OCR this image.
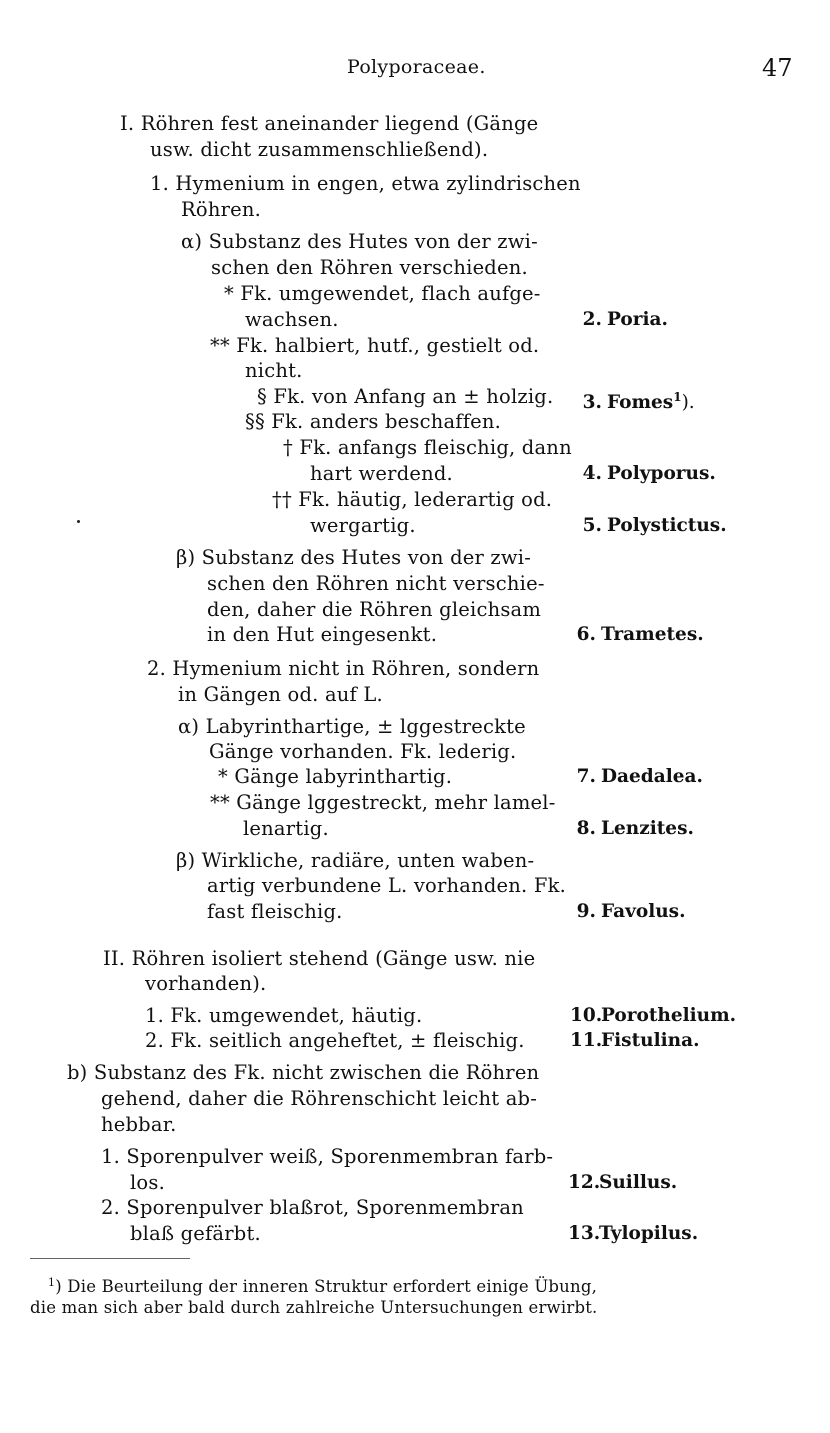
Polyporaceae.	47
I. Röhren fest aneinander liegend (Gänge
usw. dicht zusammenschließend).
1. Hymenium in engen, etwa zylindrischen
Röhren.
α) Substanz des Hutes von der zwi-
schen den Röhren verschieden.
* Fk. umgewendet, flach aufge-
wachsen.
** Fk. halbiert, hutf., gestielt od.
nicht.
§ Fk. von Anfang an ± holzig.
§§ Fk. anders beschaffen.
† Fk. anfangs fleischig, dann
hart werdend.
†† Fk. häutig, lederartig od.
wergartig.
β) Substanz des Hutes von der zwi-
schen den Röhren nicht verschie-
den, daher die Röhren gleichsam
in den Hut eingesenkt.
2. Hymenium nicht in Röhren, sondern
in Gängen od. auf L.
α) Labyrinthartige, ± lggestreckte
Gänge vorhanden. Fk. lederig.
* Gänge labyrinthartig.
** Gänge lggestreckt, mehr lamel-
lenartig.
β) Wirkliche, radiäre, unten waben-
artig verbundene L. vorhanden. Fk.
fast fleischig.
II. Röhren isoliert stehend (Gänge usw. nie
vorhanden).
1. Fk. umgewendet, häutig.
2. Fk. seitlich angeheftet, ± fleischig.
b) Substanz des Fk. nicht zwischen die Röhren
gehend, daher die Röhrenschicht leicht ab-
hebbar.
1. Sporenpulver weiß, Sporenmembran farb-
los.
2. Sporenpulver blaßrot, Sporenmembran
blaß gefärbt.
2. Poria.
3. Fomes$^1$).
4. Polyporus.
5. Polystictus.
6. Trametes.
7. Daedalea.
8. Lenzites.
9. Favolus.
10.Porothelium.
11.Fistulina.
12.Suillus.
13.Tylopilus.
$^1$) Die Beurteilung der inneren Struktur erfordert einige Übung,
die man sich aber bald durch zahlreiche Untersuchungen erwirbt.
